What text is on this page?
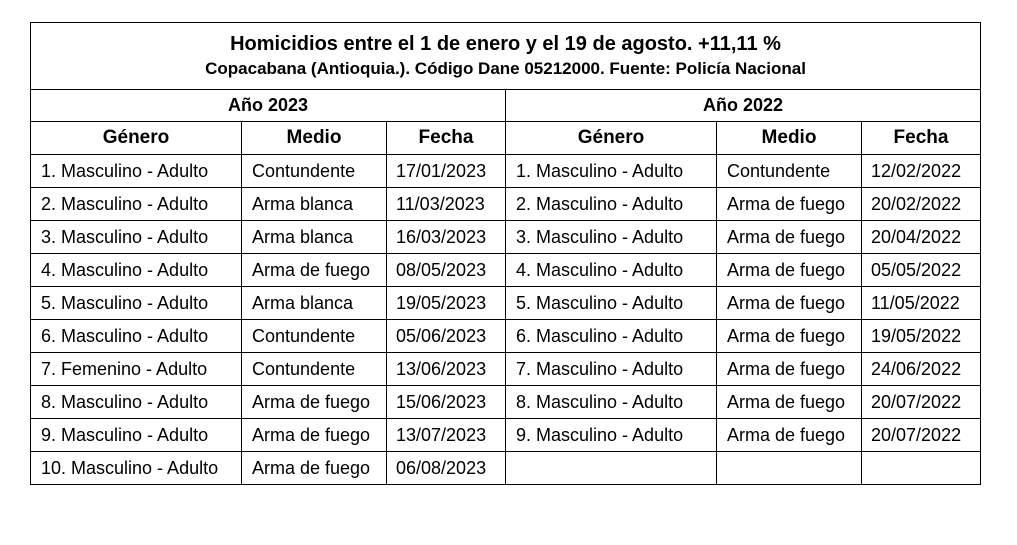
Homicidios entre el 1 de enero y el 19 de agosto. +11,11 %
Copacabana (Antioquia.). Código Dane 05212000. Fuente: Policía Nacional					

Año 2023			Año 2022		
Género	Medio	Fecha	Género	Medio	Fecha
1. Masculino - Adulto	Contundente	17/01/2023	1. Masculino - Adulto	Contundente	12/02/2022
2. Masculino - Adulto	Arma blanca	11/03/2023	2. Masculino - Adulto	Arma de fuego	20/02/2022
3. Masculino - Adulto	Arma blanca	16/03/2023	3. Masculino - Adulto	Arma de fuego	20/04/2022
4. Masculino - Adulto	Arma de fuego	08/05/2023	4. Masculino - Adulto	Arma de fuego	05/05/2022
5. Masculino - Adulto	Arma blanca	19/05/2023	5. Masculino - Adulto	Arma de fuego	11/05/2022
6. Masculino - Adulto	Contundente	05/06/2023	6. Masculino - Adulto	Arma de fuego	19/05/2022
7. Femenino - Adulto	Contundente	13/06/2023	7. Masculino - Adulto	Arma de fuego	24/06/2022
8. Masculino - Adulto	Arma de fuego	15/06/2023	8. Masculino - Adulto	Arma de fuego	20/07/2022
9. Masculino - Adulto	Arma de fuego	13/07/2023	9. Masculino - Adulto	Arma de fuego	20/07/2022
10. Masculino - Adulto	Arma de fuego	06/08/2023			
